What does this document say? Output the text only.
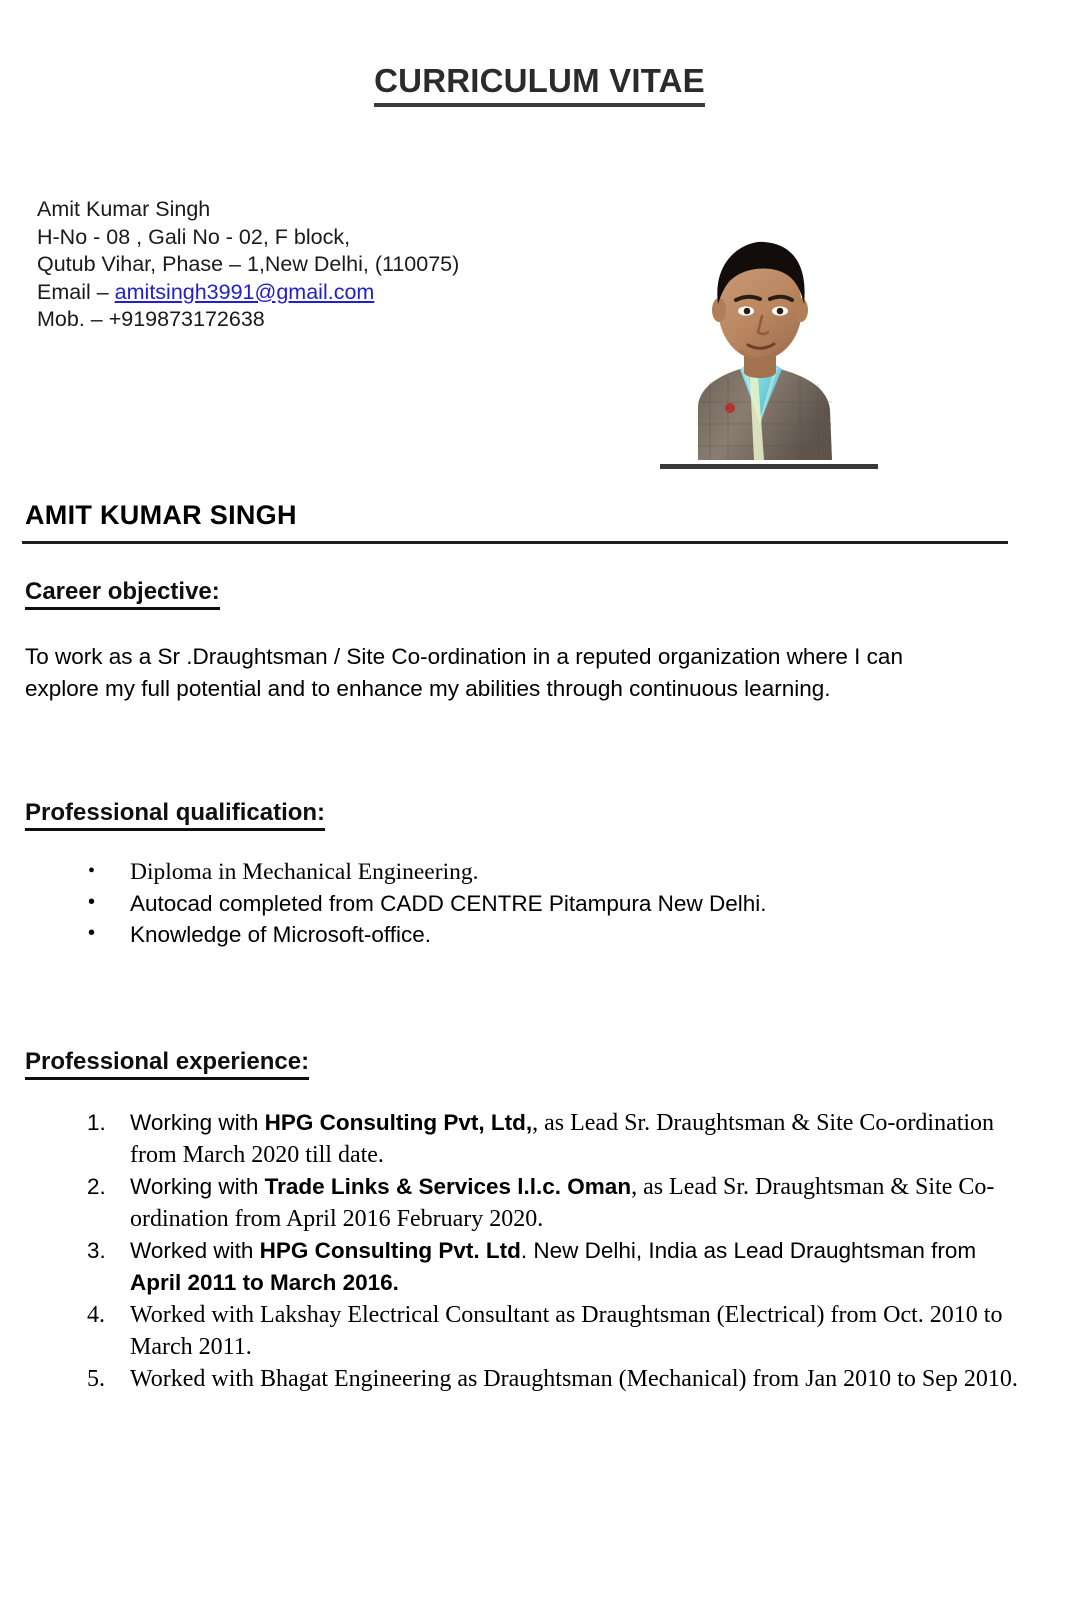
CURRICULUM VITAE
Amit Kumar Singh
H-No - 08 , Gali No - 02, F block,
Qutub Vihar, Phase – 1,New Delhi, (110075)
Email – amitsingh3991@gmail.com
Mob. – +919873172638
AMIT KUMAR SINGH
Career objective:
To work as a Sr .Draughtsman / Site Co-ordination in a reputed organization where I can explore my full potential and to enhance my abilities through continuous learning.
Professional qualification:
• Diploma in Mechanical Engineering.
• Autocad completed from CADD CENTRE Pitampura New Delhi.
• Knowledge of Microsoft-office.
Professional experience:
1.	Working with HPG Consulting Pvt, Ltd,, as Lead Sr. Draughtsman & Site Co-ordination from March 2020 till date.
2.	Working with Trade Links & Services l.l.c. Oman, as Lead Sr. Draughtsman & Site Co-ordination from April 2016 February 2020.
3.	Worked with HPG Consulting Pvt. Ltd. New Delhi, India as Lead Draughtsman from April 2011 to March 2016.
4.	Worked with Lakshay Electrical Consultant as Draughtsman (Electrical) from Oct. 2010 to March 2011.
5.	Worked with Bhagat Engineering as Draughtsman (Mechanical) from Jan 2010 to Sep 2010.
